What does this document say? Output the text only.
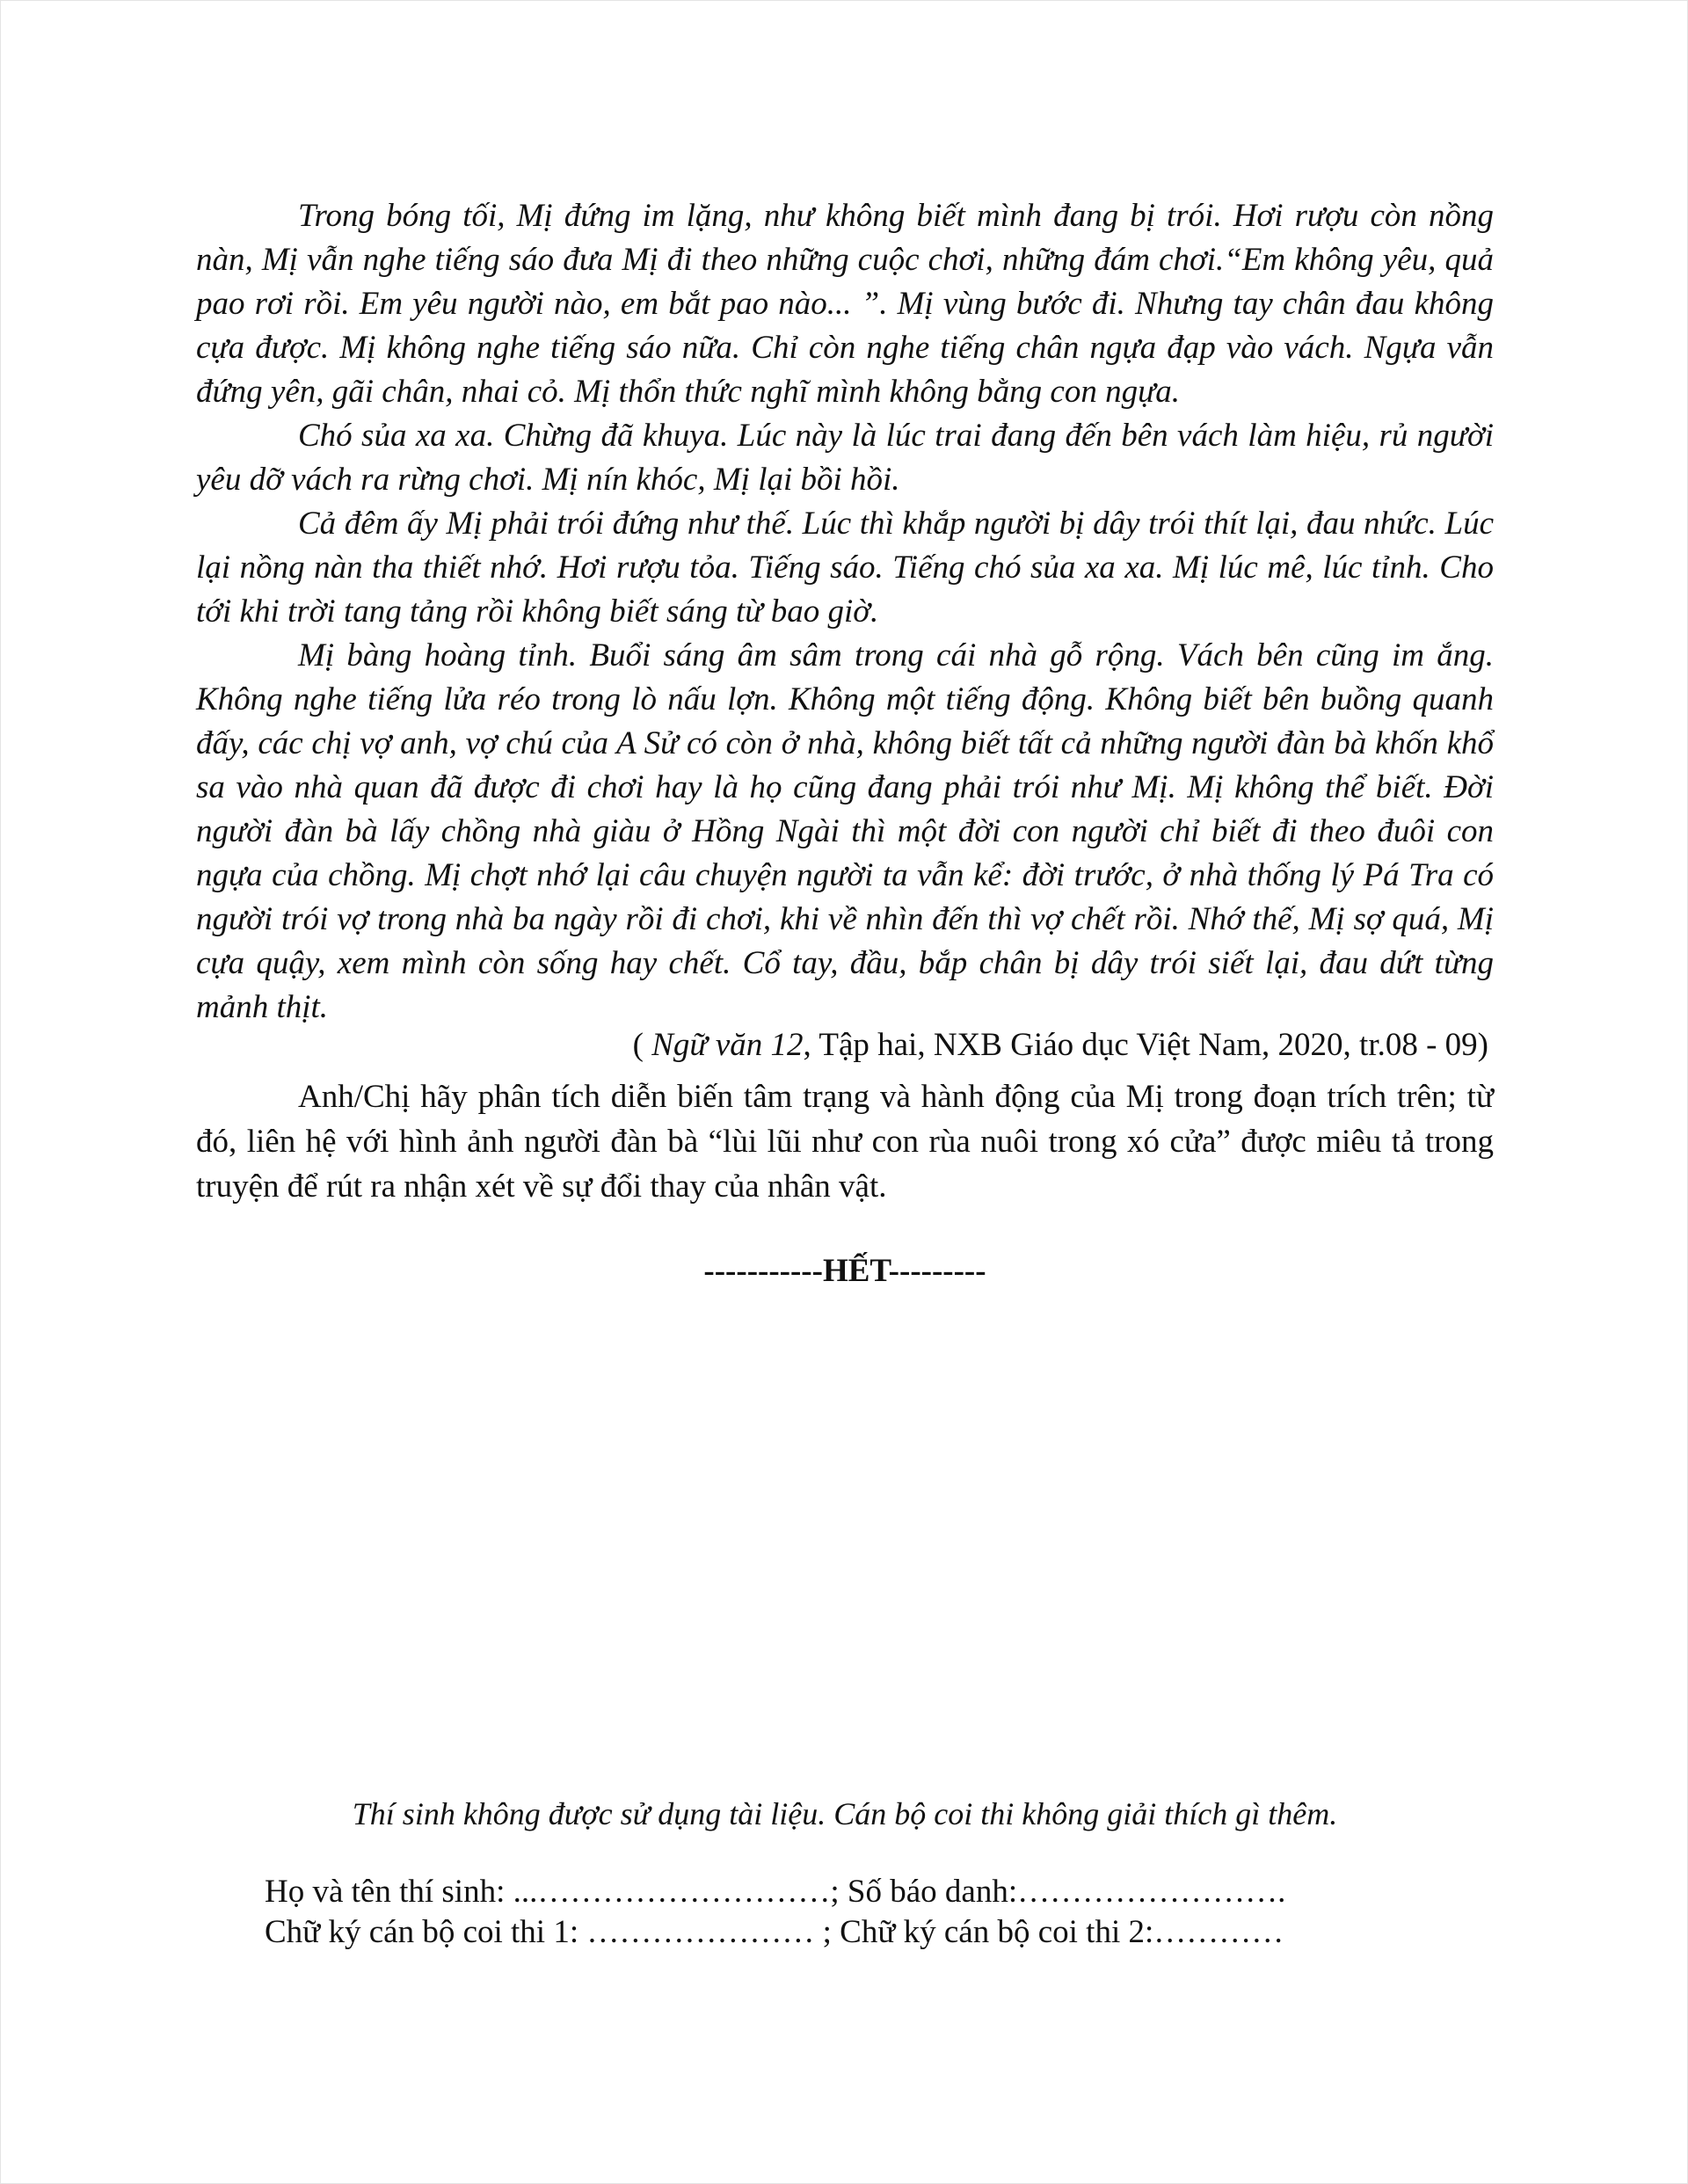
Trong bóng tối, Mị đứng im lặng, như không biết mình đang bị trói. Hơi rượu còn nồng nàn, Mị vẫn nghe tiếng sáo đưa Mị đi theo những cuộc chơi, những đám chơi.“Em không yêu, quả pao rơi rồi. Em yêu người nào, em bắt pao nào... ”. Mị vùng bước đi. Nhưng tay chân đau không cựa được. Mị không nghe tiếng sáo nữa. Chỉ còn nghe tiếng chân ngựa đạp vào vách. Ngựa vẫn đứng yên, gãi chân, nhai cỏ. Mị thổn thức nghĩ mình không bằng con ngựa.

Chó sủa xa xa. Chừng đã khuya. Lúc này là lúc trai đang đến bên vách làm hiệu, rủ người yêu dỡ vách ra rừng chơi. Mị nín khóc, Mị lại bồi hồi.

Cả đêm ấy Mị phải trói đứng như thế. Lúc thì khắp người bị dây trói thít lại, đau nhức. Lúc lại nồng nàn tha thiết nhớ. Hơi rượu tỏa. Tiếng sáo. Tiếng chó sủa xa xa. Mị lúc mê, lúc tỉnh. Cho tới khi trời tang tảng rồi không biết sáng từ bao giờ.

Mị bàng hoàng tỉnh. Buổi sáng âm sâm trong cái nhà gỗ rộng. Vách bên cũng im ắng. Không nghe tiếng lửa réo trong lò nấu lợn. Không một tiếng động. Không biết bên buồng quanh đấy, các chị vợ anh, vợ chú của A Sử có còn ở nhà, không biết tất cả những người đàn bà khốn khổ sa vào nhà quan đã được đi chơi hay là họ cũng đang phải trói như Mị. Mị không thể biết. Đời người đàn bà lấy chồng nhà giàu ở Hồng Ngài thì một đời con người chỉ biết đi theo đuôi con ngựa của chồng. Mị chợt nhớ lại câu chuyện người ta vẫn kể: đời trước, ở nhà thống lý Pá Tra có người trói vợ trong nhà ba ngày rồi đi chơi, khi về nhìn đến thì vợ chết rồi. Nhớ thế, Mị sợ quá, Mị cựa quậy, xem mình còn sống hay chết. Cổ tay, đầu, bắp chân bị dây trói siết lại, đau dứt từng mảnh thịt.

( Ngữ văn 12, Tập hai, NXB Giáo dục Việt Nam, 2020, tr.08 - 09)

Anh/Chị hãy phân tích diễn biến tâm trạng và hành động của Mị trong đoạn trích trên; từ đó, liên hệ với hình ảnh người đàn bà “lùi lũi như con rùa nuôi trong xó cửa” được miêu tả trong truyện để rút ra nhận xét về sự đổi thay của nhân vật.

-----------HẾT---------
Thí sinh không được sử dụng tài liệu. Cán bộ coi thi không giải thích gì thêm.
Họ và tên thí sinh: ...………………………; Số báo danh:…………………….
Chữ ký cán bộ coi thi 1: ………………… ; Chữ ký cán bộ coi thi 2:…………
